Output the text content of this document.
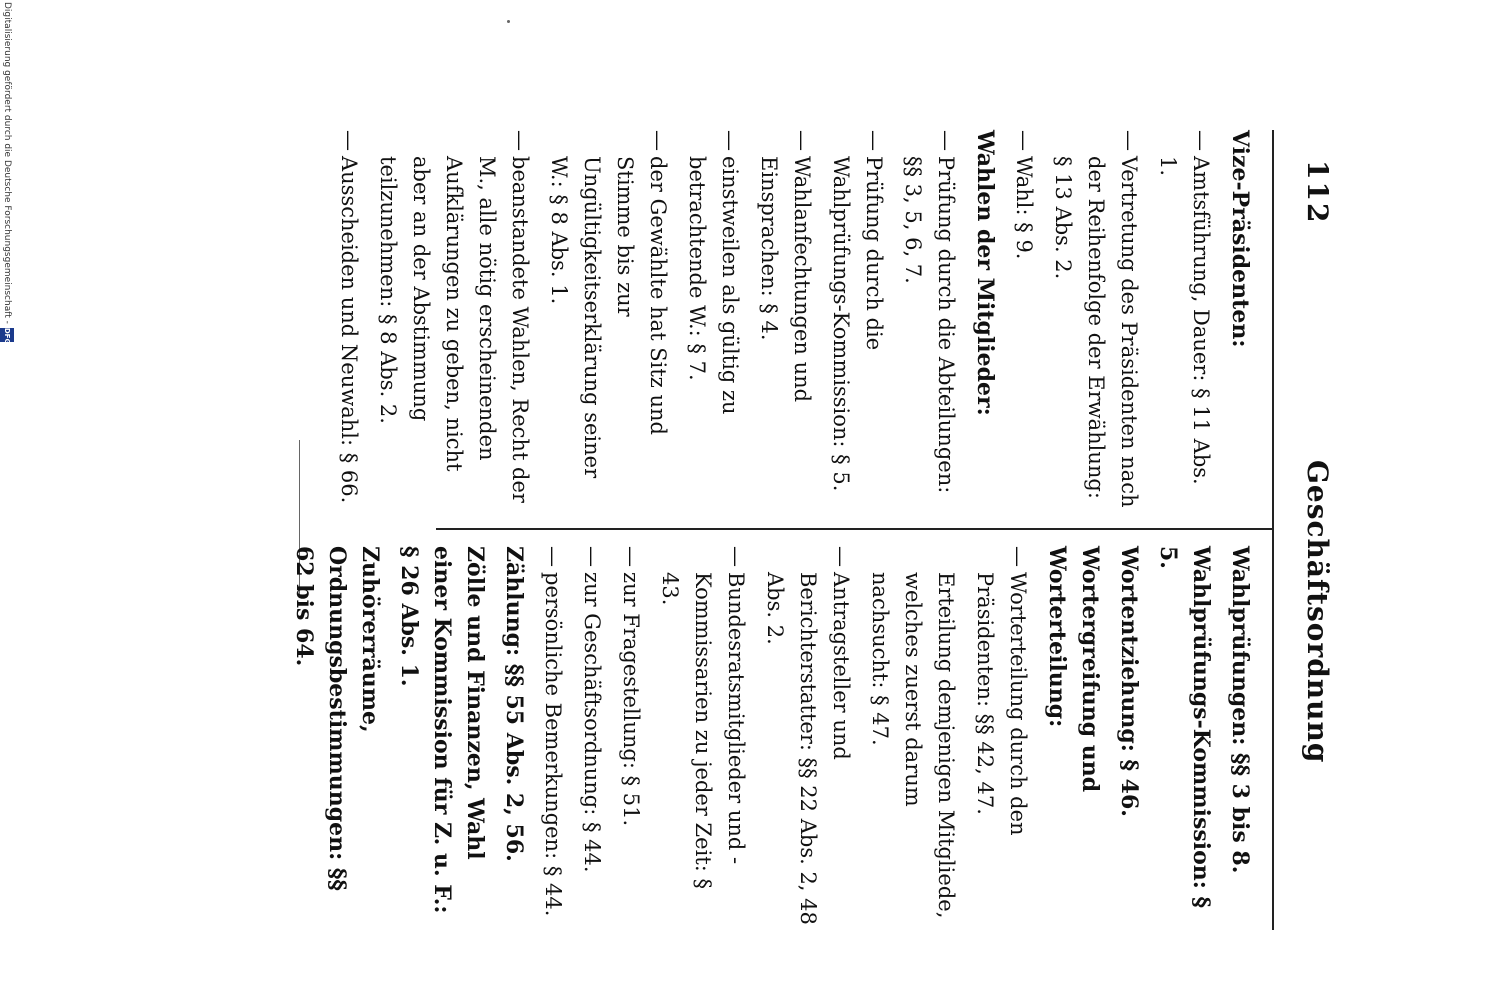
112
Geschäftsordnung
Vize-Präsidenten:
— Amtsführung, Dauer: § 11 Abs. 1.
— Vertretung des Präsidenten nach der Reihenfolge der Erwählung: § 13 Abs. 2.
— Wahl: § 9.
Wahlen der Mitglieder:
— Prüfung durch die Abteilungen: §§ 3, 5, 6, 7.
— Prüfung durch die Wahlprüfungs-Kommission: § 5.
— Wahlanfechtungen und Einsprachen: § 4.
— einstweilen als gültig zu betrachtende W.: § 7.
— der Gewählte hat Sitz und Stimme bis zur Ungültigkeitserklärung seiner W.: § 8 Abs. 1.
— beanstandete Wahlen, Recht der M., alle nötig erscheinenden Aufklärungen zu geben, nicht aber an der Abstimmung teilzunehmen: § 8 Abs. 2.
— Ausscheiden und Neuwahl: § 66.
Wahlprüfungen: §§ 3 bis 8.
Wahlprüfungs-Kommission: § 5.
Wortentziehung: § 46.
Wortergreifung und Worterteilung:
— Worterteilung durch den Präsidenten: §§ 42, 47.
Erteilung demjenigen Mitgliede, welches zuerst darum nachsucht: § 47.
— Antragsteller und Berichterstatter: §§ 22 Abs. 2, 48 Abs. 2.
— Bundesratsmitglieder und -Kommissarien zu jeder Zeit: § 43.
— zur Fragestellung: § 51.
— zur Geschäftsordnung: § 44.
— persönliche Bemerkungen: § 44.
Zählung: §§ 55 Abs. 2, 56.
Zölle und Finanzen, Wahl einer Kommission für Z. u. F.: § 26 Abs. 1.
Zuhörerräume, Ordnungsbestimmungen: §§ 62 bis 64.
Digitalisierung gefördert durch die Deutsche Forschungsgemeinschaft -
DFG
